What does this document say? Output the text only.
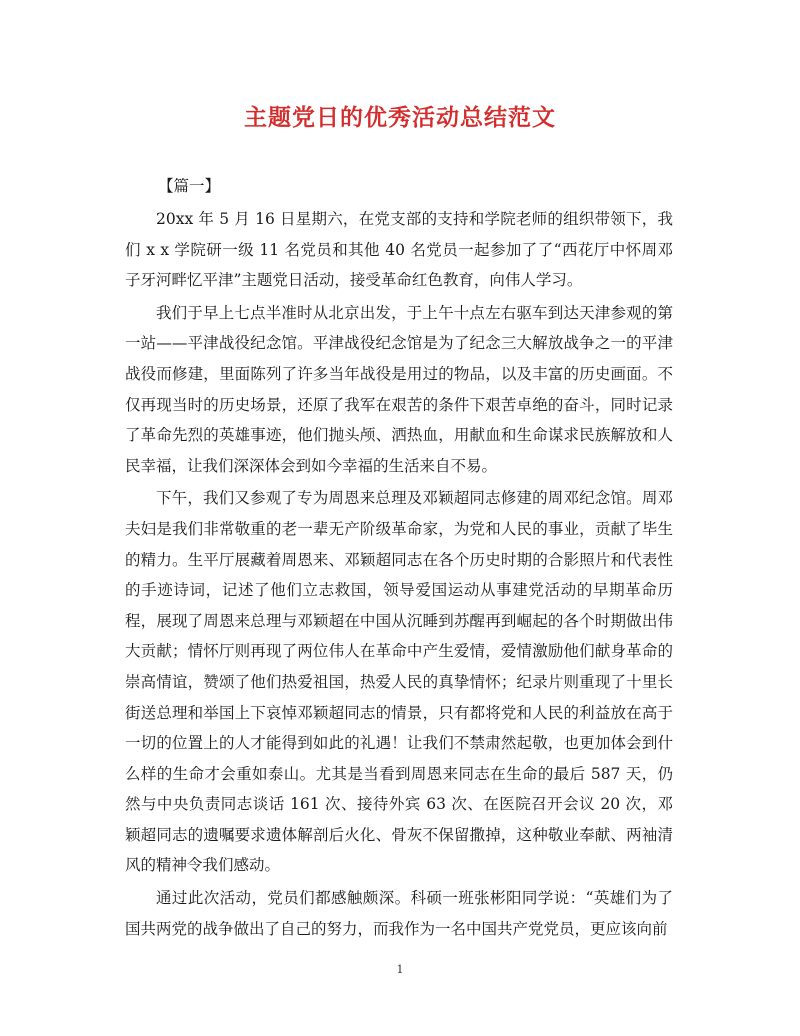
主题党日的优秀活动总结范文

【篇一】

20xx 年 5 月 16 日星期六，在党支部的支持和学院老师的组织带领下，我们 x x 学院研一级 11 名党员和其他 40 名党员一起参加了了“西花厅中怀周邓子牙河畔忆平津”主题党日活动，接受革命红色教育，向伟人学习。

我们于早上七点半准时从北京出发，于上午十点左右驱车到达天津参观的第一站——平津战役纪念馆。平津战役纪念馆是为了纪念三大解放战争之一的平津战役而修建，里面陈列了许多当年战役是用过的物品，以及丰富的历史画面。不仅再现当时的历史场景，还原了我军在艰苦的条件下艰苦卓绝的奋斗，同时记录了革命先烈的英雄事迹，他们抛头颅、洒热血，用献血和生命谋求民族解放和人民幸福，让我们深深体会到如今幸福的生活来自不易。

下午，我们又参观了专为周恩来总理及邓颖超同志修建的周邓纪念馆。周邓夫妇是我们非常敬重的老一辈无产阶级革命家，为党和人民的事业，贡献了毕生的精力。生平厅展藏着周恩来、邓颖超同志在各个历史时期的合影照片和代表性的手迹诗词，记述了他们立志救国，领导爱国运动从事建党活动的早期革命历程，展现了周恩来总理与邓颖超在中国从沉睡到苏醒再到崛起的各个时期做出伟大贡献；情怀厅则再现了两位伟人在革命中产生爱情，爱情激励他们献身革命的崇高情谊，赞颂了他们热爱祖国，热爱人民的真挚情怀；纪录片则重现了十里长街送总理和举国上下哀悼邓颖超同志的情景，只有都将党和人民的利益放在高于一切的位置上的人才能得到如此的礼遇！让我们不禁肃然起敬，也更加体会到什么样的生命才会重如泰山。尤其是当看到周恩来同志在生命的最后 587 天，仍然与中央负责同志谈话 161 次、接待外宾 63 次、在医院召开会议 20 次，邓颖超同志的遗嘱要求遗体解剖后火化、骨灰不保留撒掉，这种敬业奉献、两袖清风的精神令我们感动。

通过此次活动，党员们都感触颇深。科硕一班张彬阳同学说：“英雄们为了国共两党的战争做出了自己的努力，而我作为一名中国共产党党员，更应该向前

1
